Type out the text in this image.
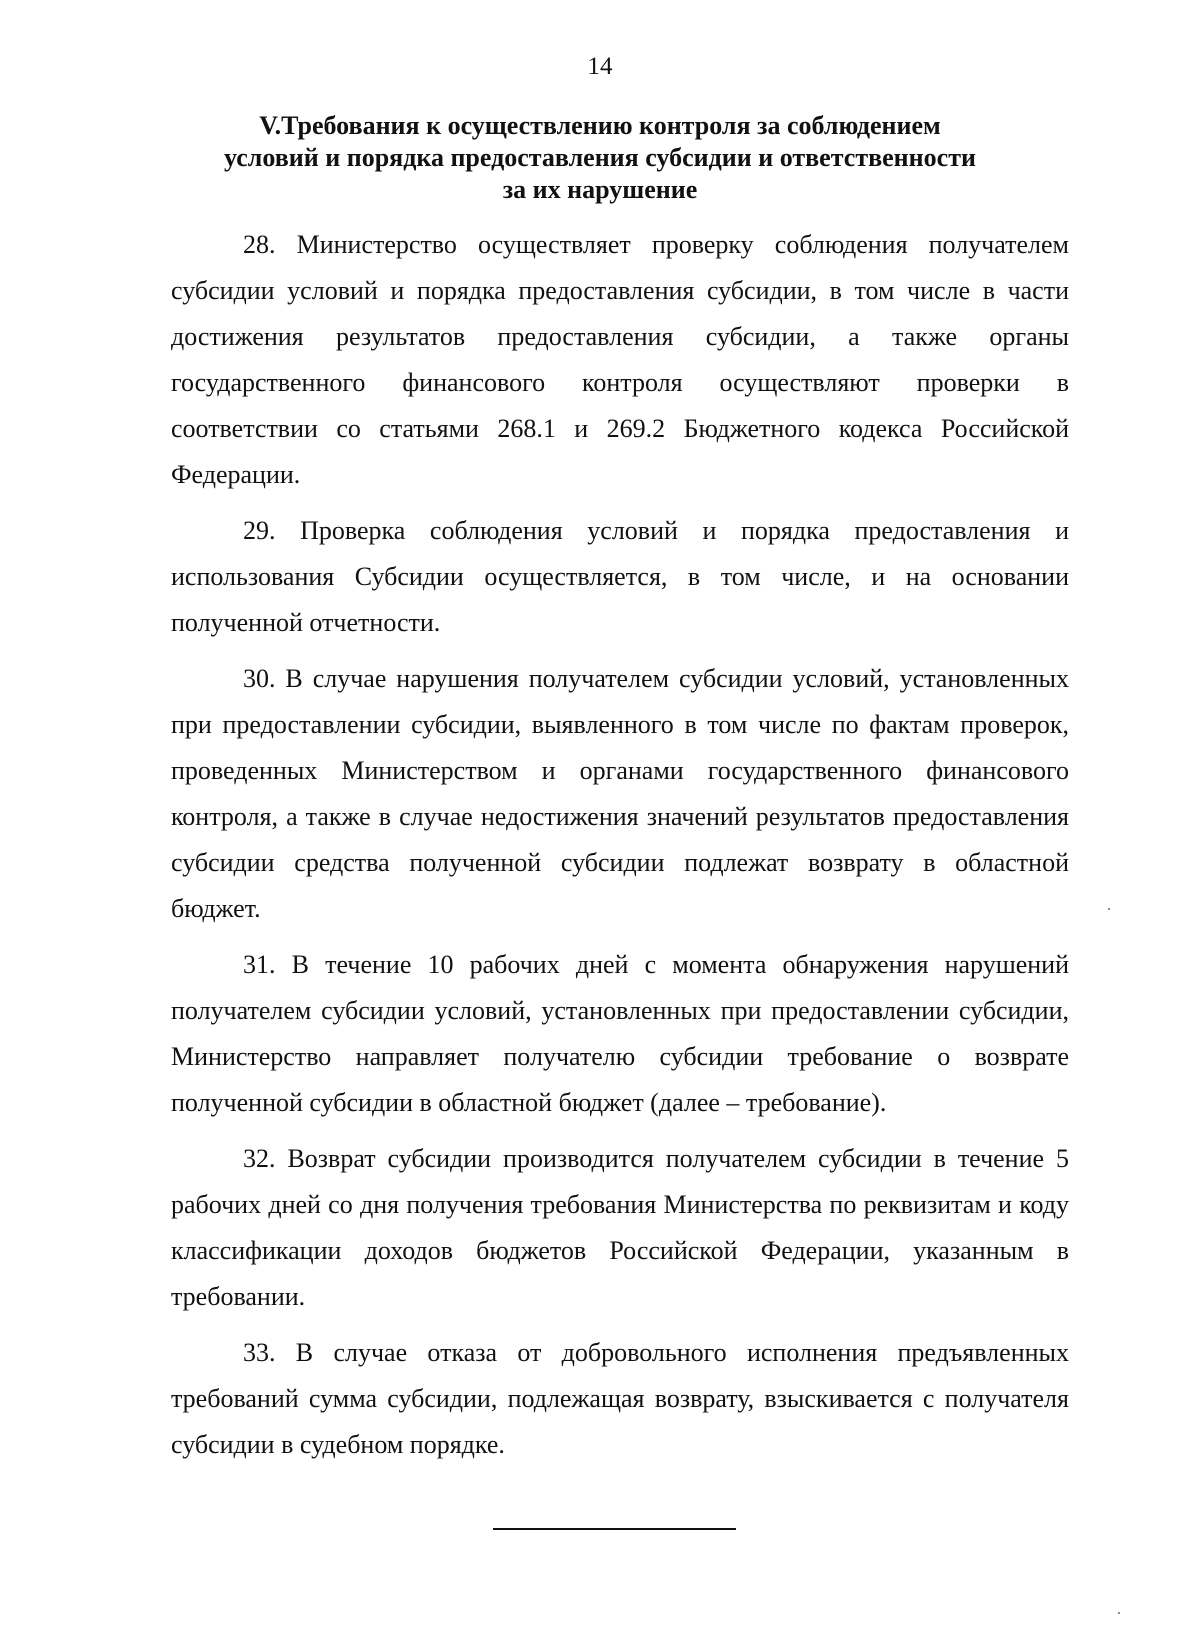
14
V.Требования к осуществлению контроля за соблюдением
условий и порядка предоставления субсидии и ответственности
за их нарушение

28. Министерство осуществляет проверку соблюдения получателем субсидии условий и порядка предоставления субсидии, в том числе в части достижения результатов предоставления субсидии, а также органы государственного финансового контроля осуществляют проверки в соответствии со статьями 268.1 и 269.2 Бюджетного кодекса Российской Федерации.

29. Проверка соблюдения условий и порядка предоставления и использования Субсидии осуществляется, в том числе, и на основании полученной отчетности.

30. В случае нарушения получателем субсидии условий, установленных при предоставлении субсидии, выявленного в том числе по фактам проверок, проведенных Министерством и органами государственного финансового контроля, а также в случае недостижения значений результатов предоставления субсидии средства полученной субсидии подлежат возврату в областной бюджет.

31. В течение 10 рабочих дней с момента обнаружения нарушений получателем субсидии условий, установленных при предоставлении субсидии, Министерство направляет получателю субсидии требование о возврате полученной субсидии в областной бюджет (далее – требование).

32. Возврат субсидии производится получателем субсидии в течение 5 рабочих дней со дня получения требования Министерства по реквизитам и коду классификации доходов бюджетов Российской Федерации, указанным в требовании.

33. В случае отказа от добровольного исполнения предъявленных требований сумма субсидии, подлежащая возврату, взыскивается с получателя субсидии в судебном порядке.
